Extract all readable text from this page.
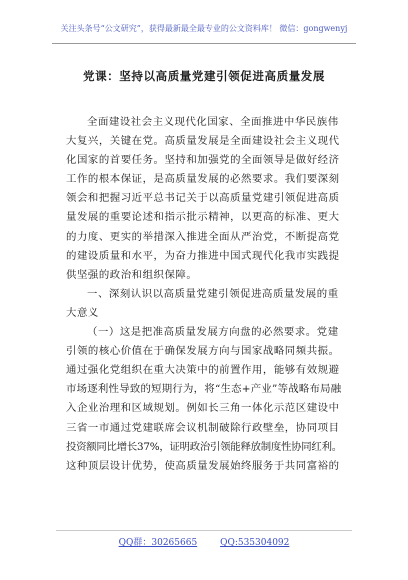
关注头条号“公文研究”，获得最新最全最专业的公文资料库！ 微信：gongwenyj
党课：坚持以高质量党建引领促进高质量发展
全面建设社会主义现代化国家、全面推进中华民族伟
大复兴，关键在党。高质量发展是全面建设社会主义现代
化国家的首要任务。坚持和加强党的全面领导是做好经济
工作的根本保证，是高质量发展的必然要求。我们要深刻
领会和把握习近平总书记关于以高质量党建引领促进高质
量发展的重要论述和指示批示精神，以更高的标准、更大
的力度、更实的举措深入推进全面从严治党，不断提高党
的建设质量和水平，为奋力推进中国式现代化我市实践提
供坚强的政治和组织保障。
一、深刻认识以高质量党建引领促进高质量发展的重
大意义
（一）这是把准高质量发展方向盘的必然要求。党建
引领的核心价值在于确保发展方向与国家战略同频共振。
通过强化党组织在重大决策中的前置作用，能够有效规避
市场逐利性导致的短期行为，将“生态+产业”等战略布局融
入企业治理和区域规划。例如长三角一体化示范区建设中
三省一市通过党建联席会议机制破除行政壁垒，协同项目
投资额同比增长37%，证明政治引领能释放制度性协同红利。
这种顶层设计优势，使高质量发展始终服务于共同富裕的
QQ群：30265665	QQ:535304092
